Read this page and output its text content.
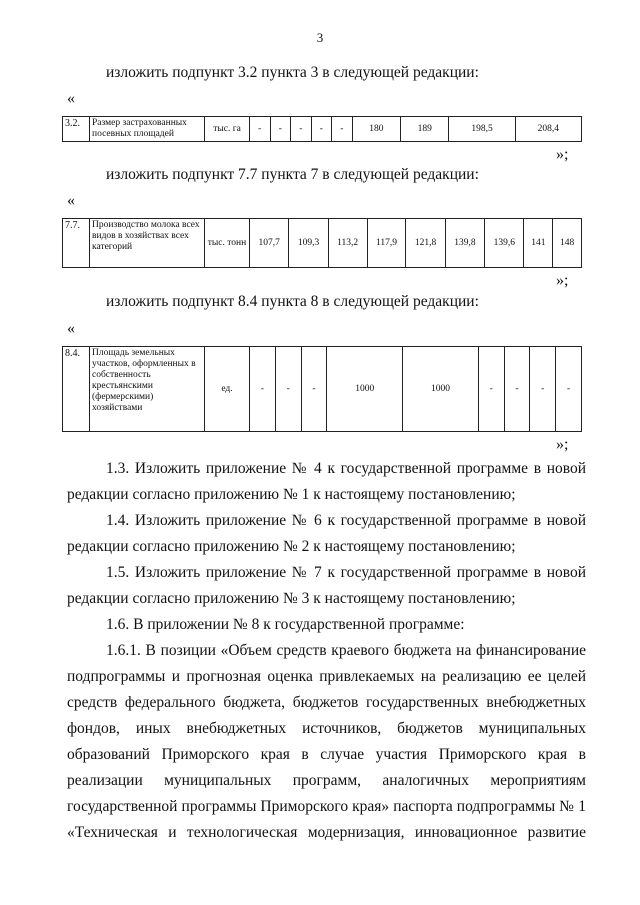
3
изложить подпункт 3.2 пункта 3 в следующей редакции:
«
3.2.	Размер застрахованных посевных площадей	тыс. га	-	-	-	-	-	180	189	198,5	208,4
»;
изложить подпункт 7.7 пункта 7 в следующей редакции:
«
7.7.	Производство молока всех видов в хозяйствах всех категорий	тыс. тонн	107,7	109,3	113,2	117,9	121,8	139,8	139,6	141	148
»;
изложить подпункт 8.4 пункта 8 в следующей редакции:
«
8.4.	Площадь земельных участков, оформленных в собственность крестьянскими (фермерскими) хозяйствами	ед.	-	-	-	1000	1000	-	-	-	-
»;
1.3. Изложить приложение № 4 к государственной программе в новой
редакции согласно приложению № 1 к настоящему постановлению;
1.4. Изложить приложение № 6 к государственной программе в новой
редакции согласно приложению № 2 к настоящему постановлению;
1.5. Изложить приложение № 7 к государственной программе в новой
редакции согласно приложению № 3 к настоящему постановлению;
1.6. В приложении № 8 к государственной программе:
1.6.1. В позиции «Объем средств краевого бюджета на финансирование
подпрограммы и прогнозная оценка привлекаемых на реализацию ее целей
средств федерального бюджета, бюджетов государственных внебюджетных
фондов, иных внебюджетных источников, бюджетов муниципальных
образований Приморского края в случае участия Приморского края в
реализации муниципальных программ, аналогичных мероприятиям
государственной программы Приморского края» паспорта подпрограммы № 1
«Техническая и технологическая модернизация, инновационное развитие
